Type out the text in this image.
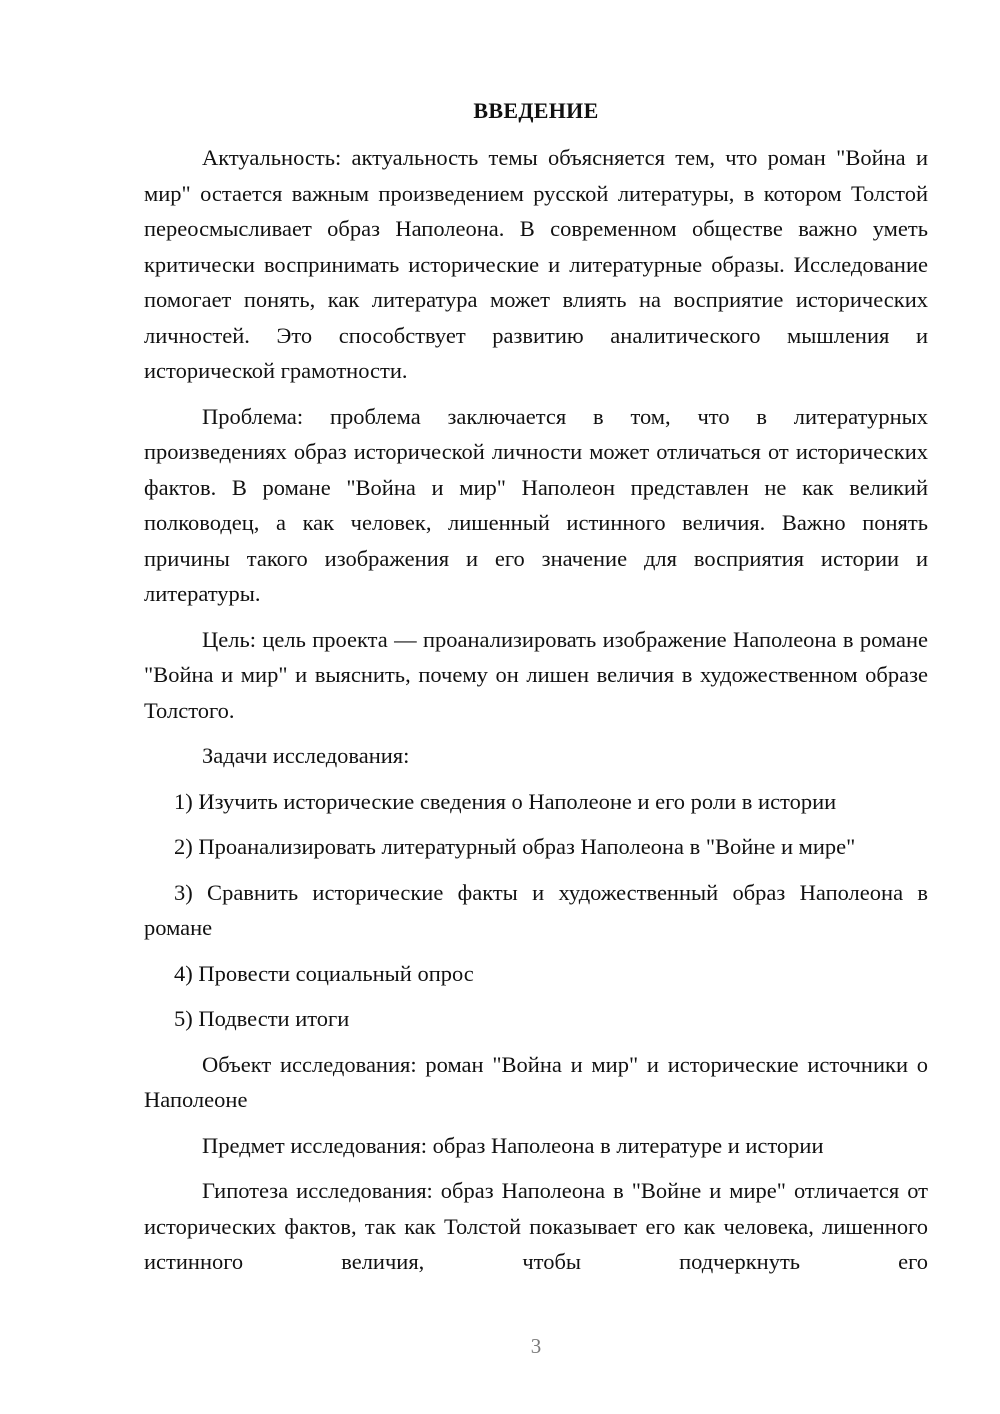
ВВЕДЕНИЕ

Актуальность: актуальность темы объясняется тем, что роман "Война и мир" остается важным произведением русской литературы, в котором Толстой переосмысливает образ Наполеона. В современном обществе важно уметь критически воспринимать исторические и литературные образы. Исследование помогает понять, как литература может влиять на восприятие исторических личностей. Это способствует развитию аналитического мышления и исторической грамотности.

Проблема: проблема заключается в том, что в литературных произведениях образ исторической личности может отличаться от исторических фактов. В романе "Война и мир" Наполеон представлен не как великий полководец, а как человек, лишенный истинного величия. Важно понять причины такого изображения и его значение для восприятия истории и литературы.

Цель: цель проекта — проанализировать изображение Наполеона в романе "Война и мир" и выяснить, почему он лишен величия в художественном образе Толстого.

Задачи исследования:

1) Изучить исторические сведения о Наполеоне и его роли в истории

2) Проанализировать литературный образ Наполеона в "Войне и мире"

3) Сравнить исторические факты и художественный образ Наполеона в романе

4) Провести социальный опрос

5) Подвести итоги

Объект исследования: роман "Война и мир" и исторические источники о Наполеоне

Предмет исследования: образ Наполеона в литературе и истории

Гипотеза исследования: образ Наполеона в "Войне и мире" отличается от исторических фактов, так как Толстой показывает его как человека, лишенного истинного величия, чтобы подчеркнуть его

3
